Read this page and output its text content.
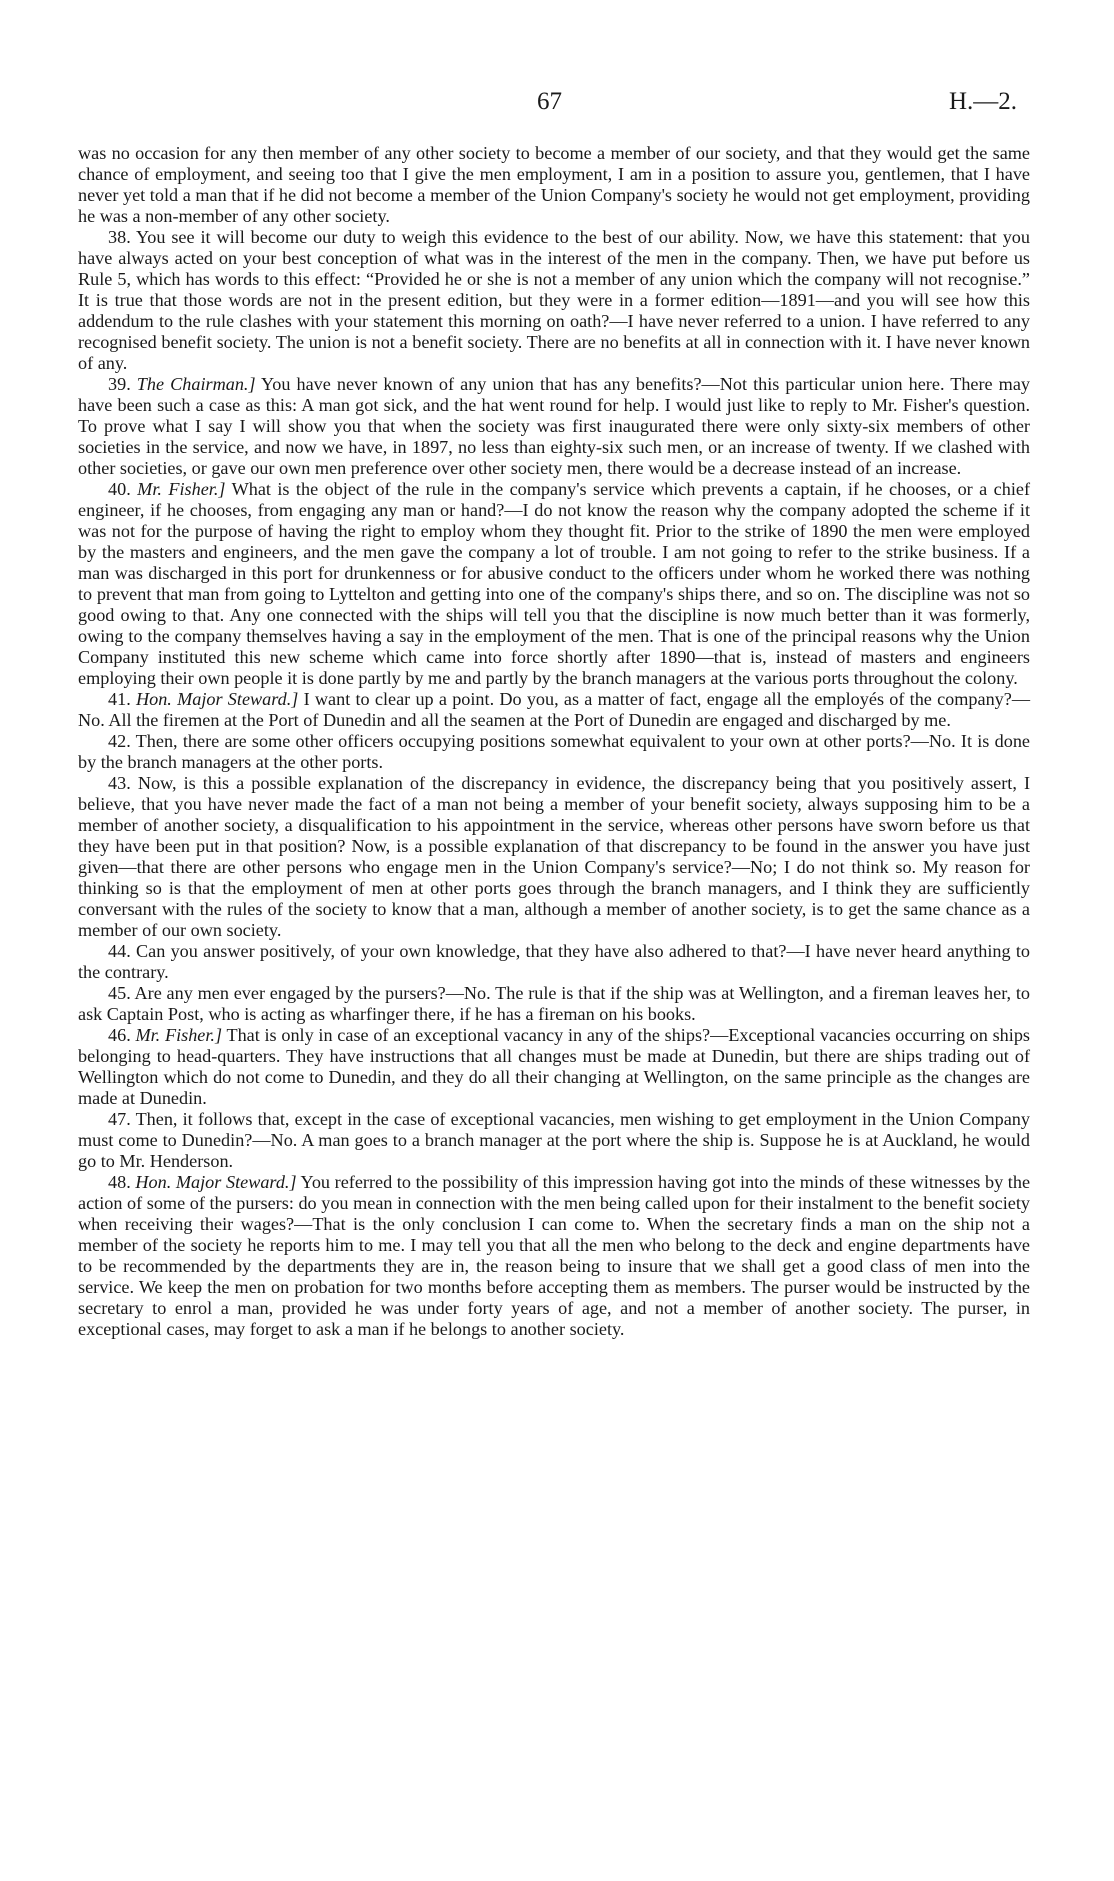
67	H.—2.

was no occasion for any then member of any other society to become a member of our society, and that they would get the same chance of employment, and seeing too that I give the men employment, I am in a position to assure you, gentlemen, that I have never yet told a man that if he did not become a member of the Union Company's society he would not get employment, providing he was a non-member of any other society.

38. You see it will become our duty to weigh this evidence to the best of our ability. Now, we have this statement: that you have always acted on your best conception of what was in the interest of the men in the company. Then, we have put before us Rule 5, which has words to this effect: “Provided he or she is not a member of any union which the company will not recognise.” It is true that those words are not in the present edition, but they were in a former edition—1891—and you will see how this addendum to the rule clashes with your statement this morning on oath?—I have never referred to a union. I have referred to any recognised benefit society. The union is not a benefit society. There are no benefits at all in connection with it. I have never known of any.

39. The Chairman.] You have never known of any union that has any benefits?—Not this particular union here. There may have been such a case as this: A man got sick, and the hat went round for help. I would just like to reply to Mr. Fisher's question. To prove what I say I will show you that when the society was first inaugurated there were only sixty-six members of other societies in the service, and now we have, in 1897, no less than eighty-six such men, or an increase of twenty. If we clashed with other societies, or gave our own men preference over other society men, there would be a decrease instead of an increase.

40. Mr. Fisher.] What is the object of the rule in the company's service which prevents a captain, if he chooses, or a chief engineer, if he chooses, from engaging any man or hand?—I do not know the reason why the company adopted the scheme if it was not for the purpose of having the right to employ whom they thought fit. Prior to the strike of 1890 the men were employed by the masters and engineers, and the men gave the company a lot of trouble. I am not going to refer to the strike business. If a man was discharged in this port for drunkenness or for abusive conduct to the officers under whom he worked there was nothing to prevent that man from going to Lyttelton and getting into one of the company's ships there, and so on. The discipline was not so good owing to that. Any one connected with the ships will tell you that the discipline is now much better than it was formerly, owing to the company themselves having a say in the employment of the men. That is one of the principal reasons why the Union Company instituted this new scheme which came into force shortly after 1890—that is, instead of masters and engineers employing their own people it is done partly by me and partly by the branch managers at the various ports throughout the colony.

41. Hon. Major Steward.] I want to clear up a point. Do you, as a matter of fact, engage all the employés of the company?—No. All the firemen at the Port of Dunedin and all the seamen at the Port of Dunedin are engaged and discharged by me.

42. Then, there are some other officers occupying positions somewhat equivalent to your own at other ports?—No. It is done by the branch managers at the other ports.

43. Now, is this a possible explanation of the discrepancy in evidence, the discrepancy being that you positively assert, I believe, that you have never made the fact of a man not being a member of your benefit society, always supposing him to be a member of another society, a disqualification to his appointment in the service, whereas other persons have sworn before us that they have been put in that position? Now, is a possible explanation of that discrepancy to be found in the answer you have just given—that there are other persons who engage men in the Union Company's service?—No; I do not think so. My reason for thinking so is that the employment of men at other ports goes through the branch managers, and I think they are sufficiently conversant with the rules of the society to know that a man, although a member of another society, is to get the same chance as a member of our own society.

44. Can you answer positively, of your own knowledge, that they have also adhered to that?—I have never heard anything to the contrary.

45. Are any men ever engaged by the pursers?—No. The rule is that if the ship was at Wellington, and a fireman leaves her, to ask Captain Post, who is acting as wharfinger there, if he has a fireman on his books.

46. Mr. Fisher.] That is only in case of an exceptional vacancy in any of the ships?—Exceptional vacancies occurring on ships belonging to head-quarters. They have instructions that all changes must be made at Dunedin, but there are ships trading out of Wellington which do not come to Dunedin, and they do all their changing at Wellington, on the same principle as the changes are made at Dunedin.

47. Then, it follows that, except in the case of exceptional vacancies, men wishing to get employment in the Union Company must come to Dunedin?—No. A man goes to a branch manager at the port where the ship is. Suppose he is at Auckland, he would go to Mr. Henderson.

48. Hon. Major Steward.] You referred to the possibility of this impression having got into the minds of these witnesses by the action of some of the pursers: do you mean in connection with the men being called upon for their instalment to the benefit society when receiving their wages?—That is the only conclusion I can come to. When the secretary finds a man on the ship not a member of the society he reports him to me. I may tell you that all the men who belong to the deck and engine departments have to be recommended by the departments they are in, the reason being to insure that we shall get a good class of men into the service. We keep the men on probation for two months before accepting them as members. The purser would be instructed by the secretary to enrol a man, provided he was under forty years of age, and not a member of another society. The purser, in exceptional cases, may forget to ask a man if he belongs to another society.
